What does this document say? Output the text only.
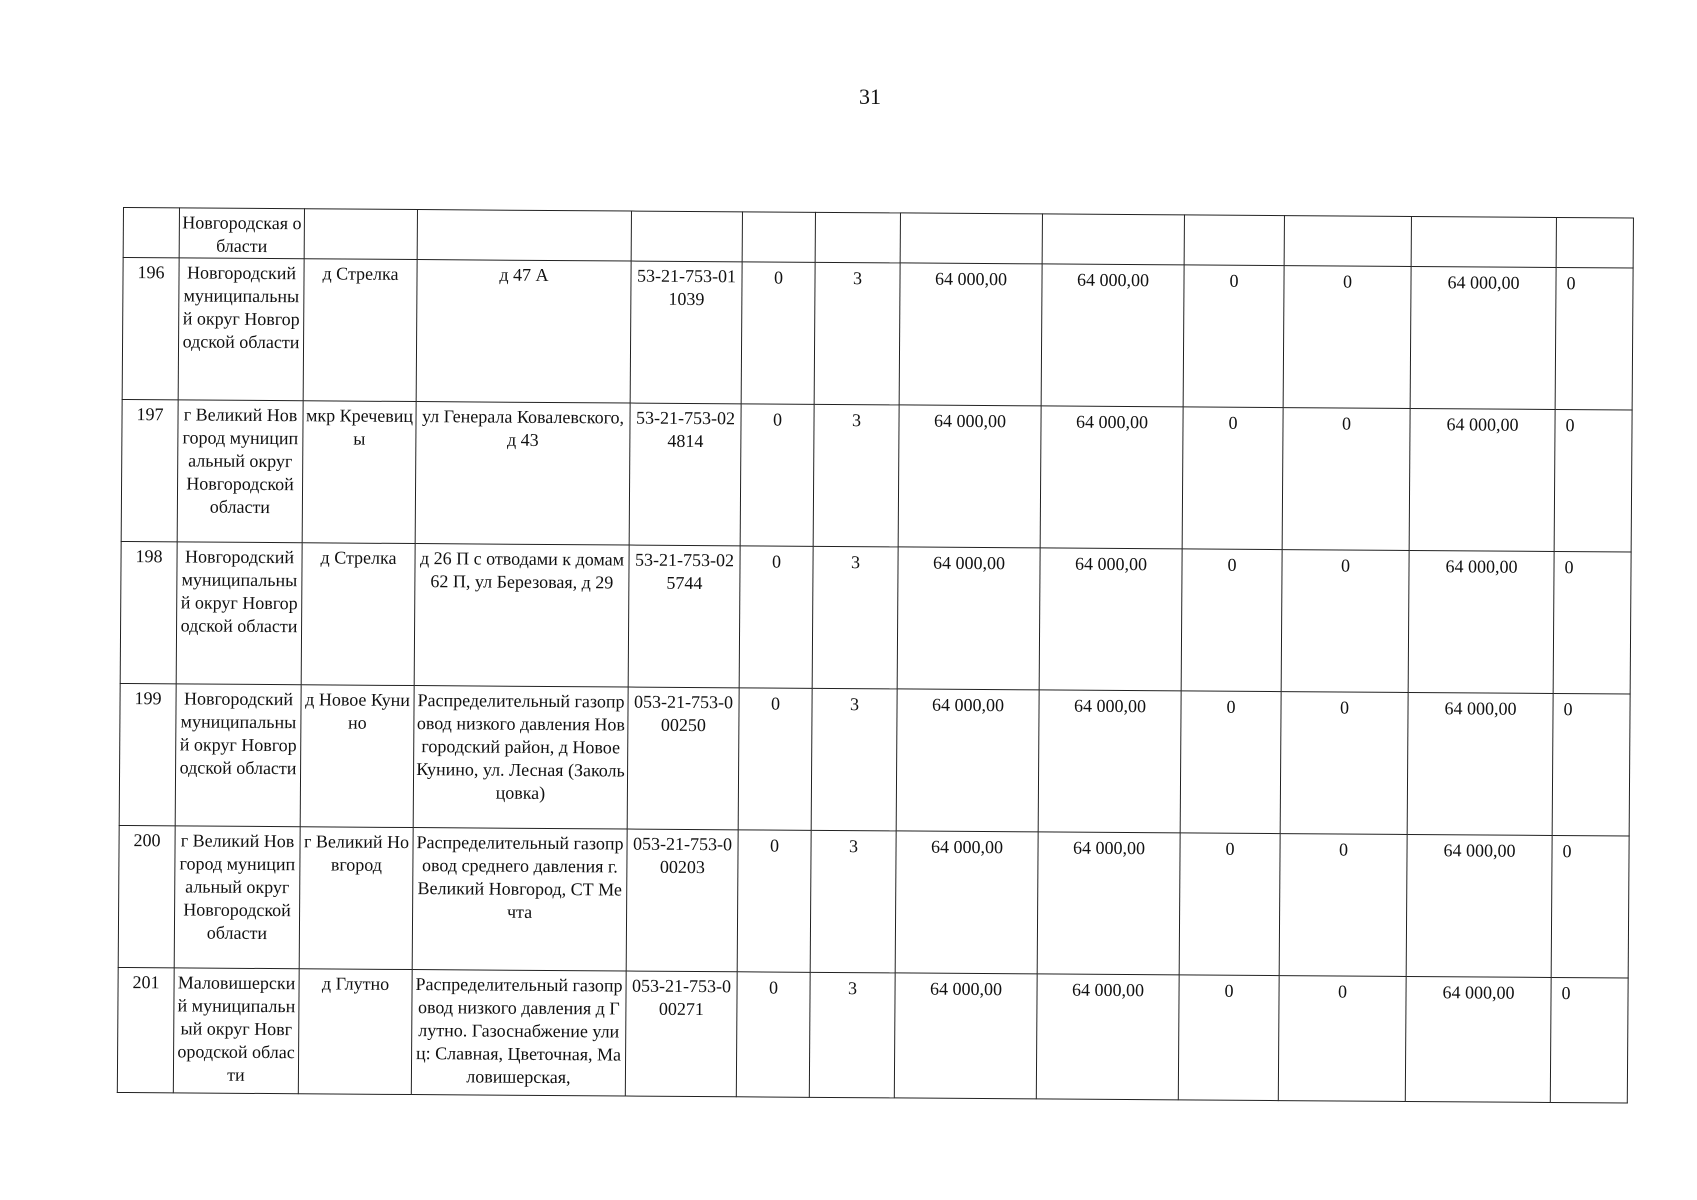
31
	Новгородская области											
196	Новгородский муниципальный округ Новгородской области	д Стрелка	д 47 А	53-21-753-011039	0	3	64 000,00	64 000,00	0	0	64 000,00	0
197	г Великий Новгород муниципальный округ Новгородской области	мкр Кречевицы	ул Генерала Ковалевского, д 43	53-21-753-024814	0	3	64 000,00	64 000,00	0	0	64 000,00	0
198	Новгородский муниципальный округ Новгородской области	д Стрелка	д 26 П с отводами к домам 62 П, ул Березовая, д 29	53-21-753-025744	0	3	64 000,00	64 000,00	0	0	64 000,00	0
199	Новгородский муниципальный округ Новгородской области	д Новое Кунино	Распределительный газопровод низкого давления Новгородский район, д Новое Кунино, ул. Лесная (Закольцовка)	053-21-753-000250	0	3	64 000,00	64 000,00	0	0	64 000,00	0
200	г Великий Новгород муниципальный округ Новгородской области	г Великий Новгород	Распределительный газопровод среднего давления г. Великий Новгород, СТ Мечта	053-21-753-000203	0	3	64 000,00	64 000,00	0	0	64 000,00	0
201	Маловишерский муниципальный округ Новгородской области	д Глутно	Распределительный газопровод низкого давления д Глутно. Газоснабжение улиц: Славная, Цветочная, Маловишерская,	053-21-753-000271	0	3	64 000,00	64 000,00	0	0	64 000,00	0
